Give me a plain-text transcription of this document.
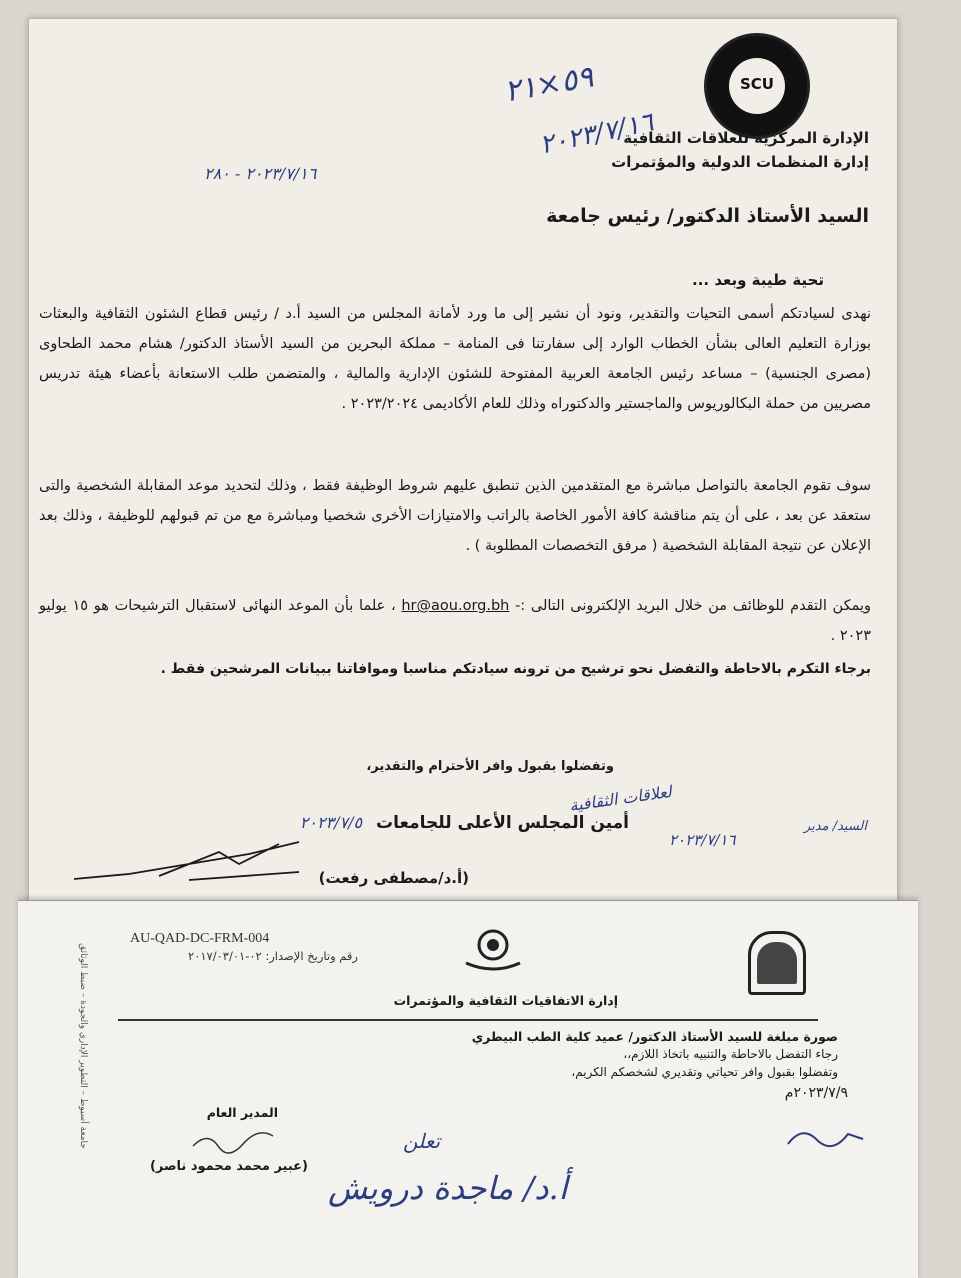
SCU
الإدارة المركزية للعلاقات الثقافية
إدارة المنظمات الدولية والمؤتمرات
٥٩×٢١
٢٠٢٣/٧/١٦
٢٠٢٣/٧/١٦ - ٢٨٠
السيد الأستاذ الدكتور/ رئيس جامعة
تحية طيبة وبعد ...
نهدى لسيادتكم أسمى التحيات والتقدير، ونود أن نشير إلى ما ورد لأمانة المجلس من السيد أ.د / رئيس قطاع الشئون الثقافية والبعثات بوزارة التعليم العالى بشأن الخطاب الوارد إلى سفارتنا فى المنامة – مملكة البحرين من السيد الأستاذ الدكتور/ هشام محمد الطحاوى (مصرى الجنسية) – مساعد رئيس الجامعة العربية المفتوحة للشئون الإدارية والمالية ، والمتضمن طلب الاستعانة بأعضاء هيئة تدريس مصريين من حملة البكالوريوس والماجستير والدكتوراه وذلك للعام الأكاديمى ٢٠٢٣/٢٠٢٤ .
سوف تقوم الجامعة بالتواصل مباشرة مع المتقدمين الذين تنطبق عليهم شروط الوظيفة فقط ، وذلك لتحديد موعد المقابلة الشخصية والتى ستعقد عن بعد ، على أن يتم مناقشة كافة الأمور الخاصة بالراتب والامتيازات الأخرى شخصيا ومباشرة مع من تم قبولهم للوظيفة ، وذلك بعد الإعلان عن نتيجة المقابلة الشخصية ( مرفق التخصصات المطلوبة ) .
ويمكن التقدم للوظائف من خلال البريد الإلكترونى التالى :- hr@aou.org.bh ، علما بأن الموعد النهائى لاستقبال الترشيحات هو ١٥ يوليو ٢٠٢٣ .
برجاء التكرم بالاحاطة والتفضل نحو ترشيح من ترونه سيادتكم مناسبا وموافاتنا ببيانات المرشحين فقط .
وتفضلوا بقبول وافر الأحترام والتقدير،
لعلاقات الثقافية
٢٠٢٣/٧/١٦
السيد/ مدير
أمين المجلس الأعلى للجامعات ٢٠٢٣/٧/٥
(أ.د/مصطفى رفعت)
جامعة أسيوط – التطوير الإداري والجودة – ضبط الوثائق
AU-QAD-DC-FRM-004
رقم وتاريخ الإصدار: ٠٢-٢٠١٧/٠٣/٠١
إدارة الاتفاقيات الثقافية والمؤتمرات
صورة مبلغة للسيد الأستاذ الدكتور/ عميد كلية الطب البيطري
رجاء التفضل بالاحاطة والتنبيه باتخاذ اللازم،،
وتفضلوا بقبول وافر تحياتي وتقديري لشخصكم الكريم،
٢٠٢٣/٧/٩م
المدير العام
(عبير محمد محمود ناصر)
تعلن
أ.د/ ماجدة درويش
